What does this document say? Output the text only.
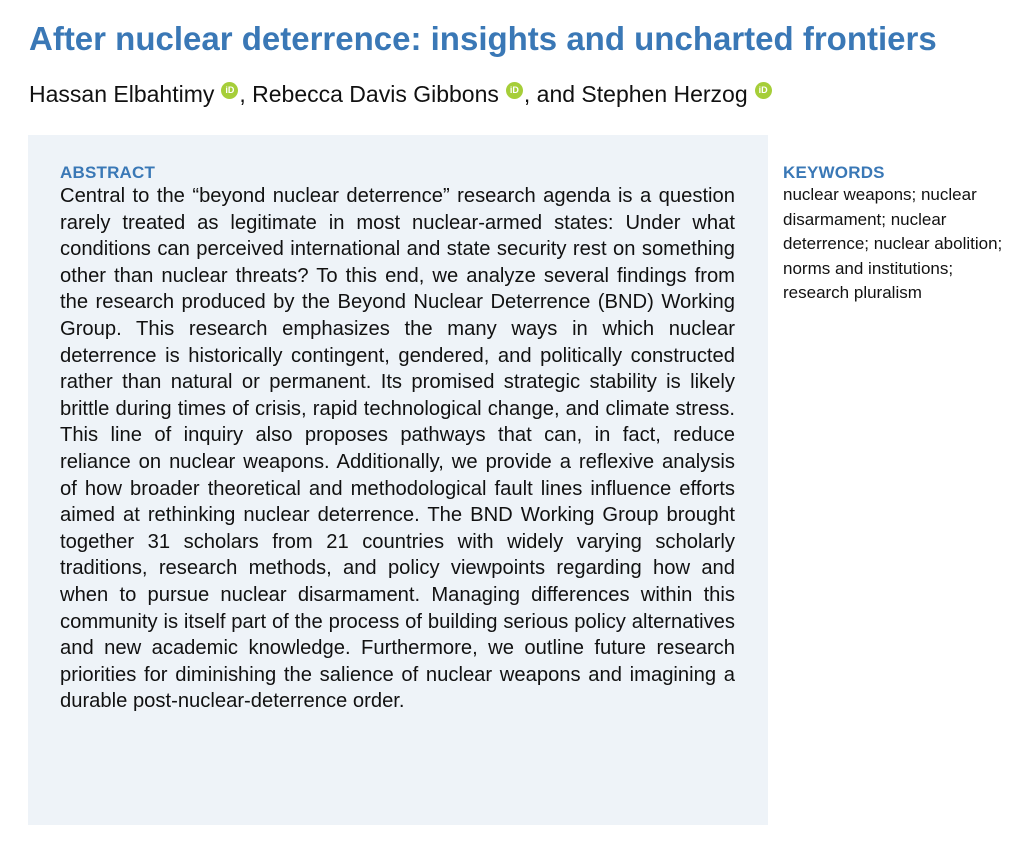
After nuclear deterrence: insights and uncharted frontiers
Hassan Elbahtimy iD , Rebecca Davis Gibbons iD , and Stephen Herzog iD
ABSTRACT

Central to the “beyond nuclear deterrence” research agenda is a question rarely treated as legitimate in most nuclear-armed states: Under what conditions can perceived international and state security rest on something other than nuclear threats? To this end, we analyze several findings from the research produced by the Beyond Nuclear Deterrence (BND) Working Group. This research emphasizes the many ways in which nuclear deterrence is historically contingent, gendered, and politically constructed rather than natural or permanent. Its promised strategic stability is likely brittle during times of crisis, rapid technological change, and climate stress. This line of inquiry also proposes pathways that can, in fact, reduce reliance on nuclear weapons. Additionally, we provide a reflexive analysis of how broader theoretical and methodological fault lines influence efforts aimed at rethinking nuclear deterrence. The BND Working Group brought together 31 scholars from 21 countries with widely varying scholarly traditions, research methods, and policy viewpoints regarding how and when to pursue nuclear disarmament. Managing differences within this community is itself part of the process of building serious policy alternatives and new academic knowledge. Furthermore, we outline future research priorities for diminishing the salience of nuclear weapons and imagining a durable post-nuclear-deterrence order.

KEYWORDS

nuclear weapons; nuclear disarmament; nuclear deterrence; nuclear abolition; norms and institutions; research pluralism
